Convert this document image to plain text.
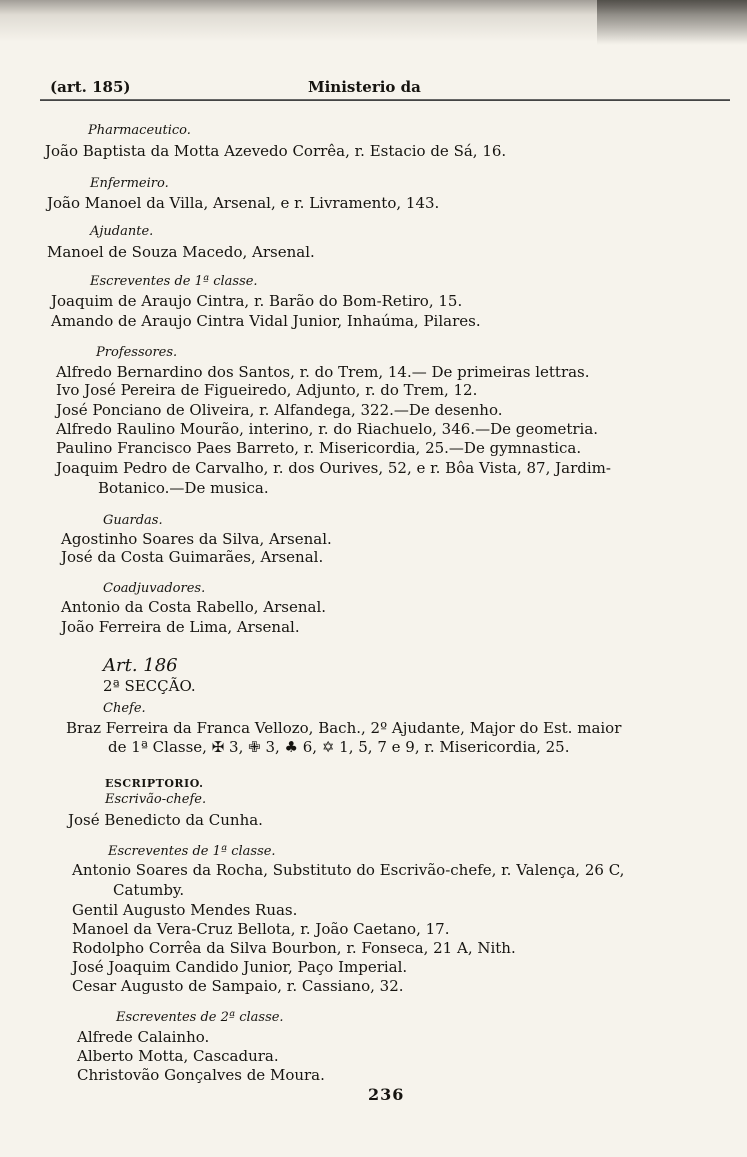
(art. 185)	Ministerio da
Pharmaceutico.
João Baptista da Motta Azevedo Corrêa, r. Estacio de Sá, 16.
Enfermeiro.
João Manoel da Villa, Arsenal, e r. Livramento, 143.
Ajudante.
Manoel de Souza Macedo, Arsenal.
Escreventes de 1ª classe.
Joaquim de Araujo Cintra, r. Barão do Bom-Retiro, 15.
Amando de Araujo Cintra Vidal Junior, Inhaúma, Pilares.
Professores.
Alfredo Bernardino dos Santos, r. do Trem, 14.— De primeiras lettras.
Ivo José Pereira de Figueiredo, Adjunto, r. do Trem, 12.
José Ponciano de Oliveira, r. Alfandega, 322.—De desenho.
Alfredo Raulino Mourão, interino, r. do Riachuelo, 346.—De geometria.
Paulino Francisco Paes Barreto, r. Misericordia, 25.—De gymnastica.
Joaquim Pedro de Carvalho, r. dos Ourives, 52, e r. Bôa Vista, 87, Jardim-
Botanico.—De musica.
Guardas.
Agostinho Soares da Silva, Arsenal.
José da Costa Guimarães, Arsenal.
Coadjuvadores.
Antonio da Costa Rabello, Arsenal.
João Ferreira de Lima, Arsenal.
Art. 186
2ª SECÇÃO.
Chefe.
Braz Ferreira da Franca Vellozo, Bach., 2º Ajudante, Major do Est. maior
de 1ª Classe, ✠ 3, ✙ 3, ♣ 6, ✡ 1, 5, 7 e 9, r. Misericordia, 25.
ESCRIPTORIO.
Escrivão-chefe.
José Benedicto da Cunha.
Escreventes de 1ª classe.
Antonio Soares da Rocha, Substituto do Escrivão-chefe, r. Valença, 26 C,
Catumby.
Gentil Augusto Mendes Ruas.
Manoel da Vera-Cruz Bellota, r. João Caetano, 17.
Rodolpho Corrêa da Silva Bourbon, r. Fonseca, 21 A, Nith.
José Joaquim Candido Junior, Paço Imperial.
Cesar Augusto de Sampaio, r. Cassiano, 32.
Escreventes de 2ª classe.
Alfrede Calainho.
Alberto Motta, Cascadura.
Christovão Gonçalves de Moura.
236
